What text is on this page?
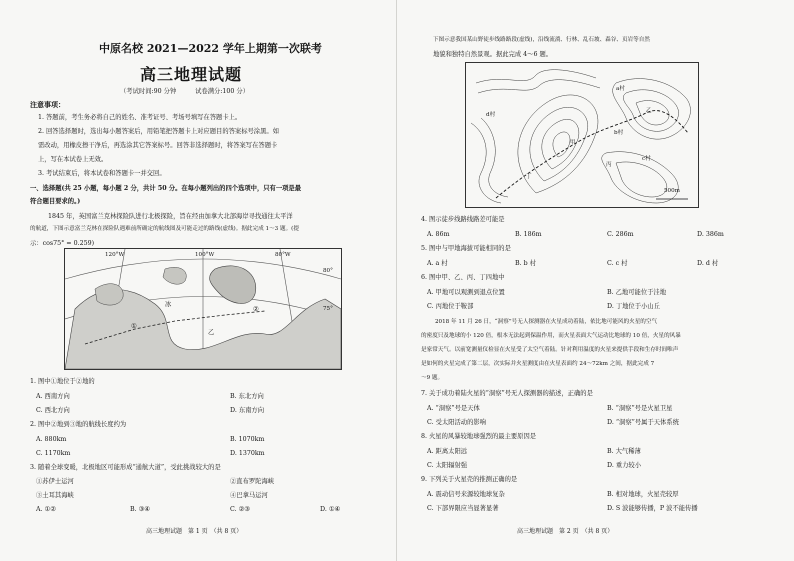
中原名校 2021—2022 学年上期第一次联考
高三地理试题
（考试时间:90 分钟　　　试卷满分:100 分）
注意事项：
1. 答题前，考生务必将自己的姓名、准考证号、考场号填写在答题卡上。
2. 回答选择题时，选出每小题答案后，用铅笔把答题卡上对应题目的答案标号涂黑。如
需改动，用橡皮擦干净后，再选涂其它答案标号。回答非选择题时，将答案写在答题卡
上，写在本试卷上无效。
3. 考试结束后，将本试卷和答题卡一并交回。
一、选择题(共 25 小题，每小题 2 分，共计 50 分。在每小题列出的四个选项中，只有一项是最
符合题目要求的。)
1845 年，英国富兰克林探险队进行北极探险，旨在经由加拿大北部海岸寻找通往太平洋
的航道，下图示意富兰克林在探险队遇难前所确定的航线图及可能走过的路线(虚线)。据此完成 1～3 题。(提
示：cos75° = 0.259)
120°W	100°W	80°W
80°
75°
①
②
乙
冰
1. 图中①地位于②地的
A. 西南方向	B. 东北方向
C. 西北方向	D. 东南方向
2. 图中②地到③地的航线长度约为
A. 880km	B. 1070km
C. 1170km	D. 1370km
3. 随着全球变暖，北极地区可能形成“通航大道”，受此挑战较大的是
①苏伊士运河	②直布罗陀海峡
③土耳其海峡	④巴拿马运河
A. ①②	B. ③④	C. ②③	D. ①④
高三地理试题　第 1 页　（共 8 页）
下图示意我国某山野徒步线路路段(虚线)，沿线流淌、行林、乱石坡、森谷、页岩等自然
地貌和独特自然景观。据此完成 4～6 题。
甲
乙
丙
丁
a村
b村
c村
d村
500m
4. 图示徒步线路线路差可能是
A. 86m	B. 186m	C. 286m	D. 386m
5. 图中与甲地海拔可能相同的是
A. a 村	B. b 村	C. c 村	D. d 村
6. 图中甲、乙、丙、丁四地中
A. 甲地可以观测到退点位置	B. 乙地可能位于洼地
C. 丙地位于鞍部	D. 丁地位于小山丘
2018 年 11 月 26 日，“洞察”号无人探测器在火星成功着陆，依比地可能风的火星的空气
的密度只及地球的小 120 倍，根本无法起到保温作用，而火星表面大气运动比地球的 10 倍，火星的风暴
是家常天气。以前宽测量仪检显在火星受了太空气着陆。针对利用温度的火星来提供手段和生存时间唯声
是如何的火星完成了第二层，次实际并火星测度由在火星表面约 24～72km 之间，据此完成 7
～9 题。
7. 关于成功着陆火星的“洞察”号无人探测器的描述，正确的是
A. “洞察”号是天体	B. “洞察”号是火星卫星
C. 受太阳活动的影响	D. “洞察”号属于天体系统
8. 火星的风暴较地球强烈的最主要原因是
A. 距离太阳远	B. 大气稀薄
C. 太阳辐射强	D. 重力较小
9. 下列关于火星壳的推测正确的是
A. 震动信号来源较地球复杂	B. 相对地球，火星壳较厚
C. 下部界限应当显著显著	D. S 波能够传播，P 波不能传播
高三地理试题　第 2 页　（共 8 页）
